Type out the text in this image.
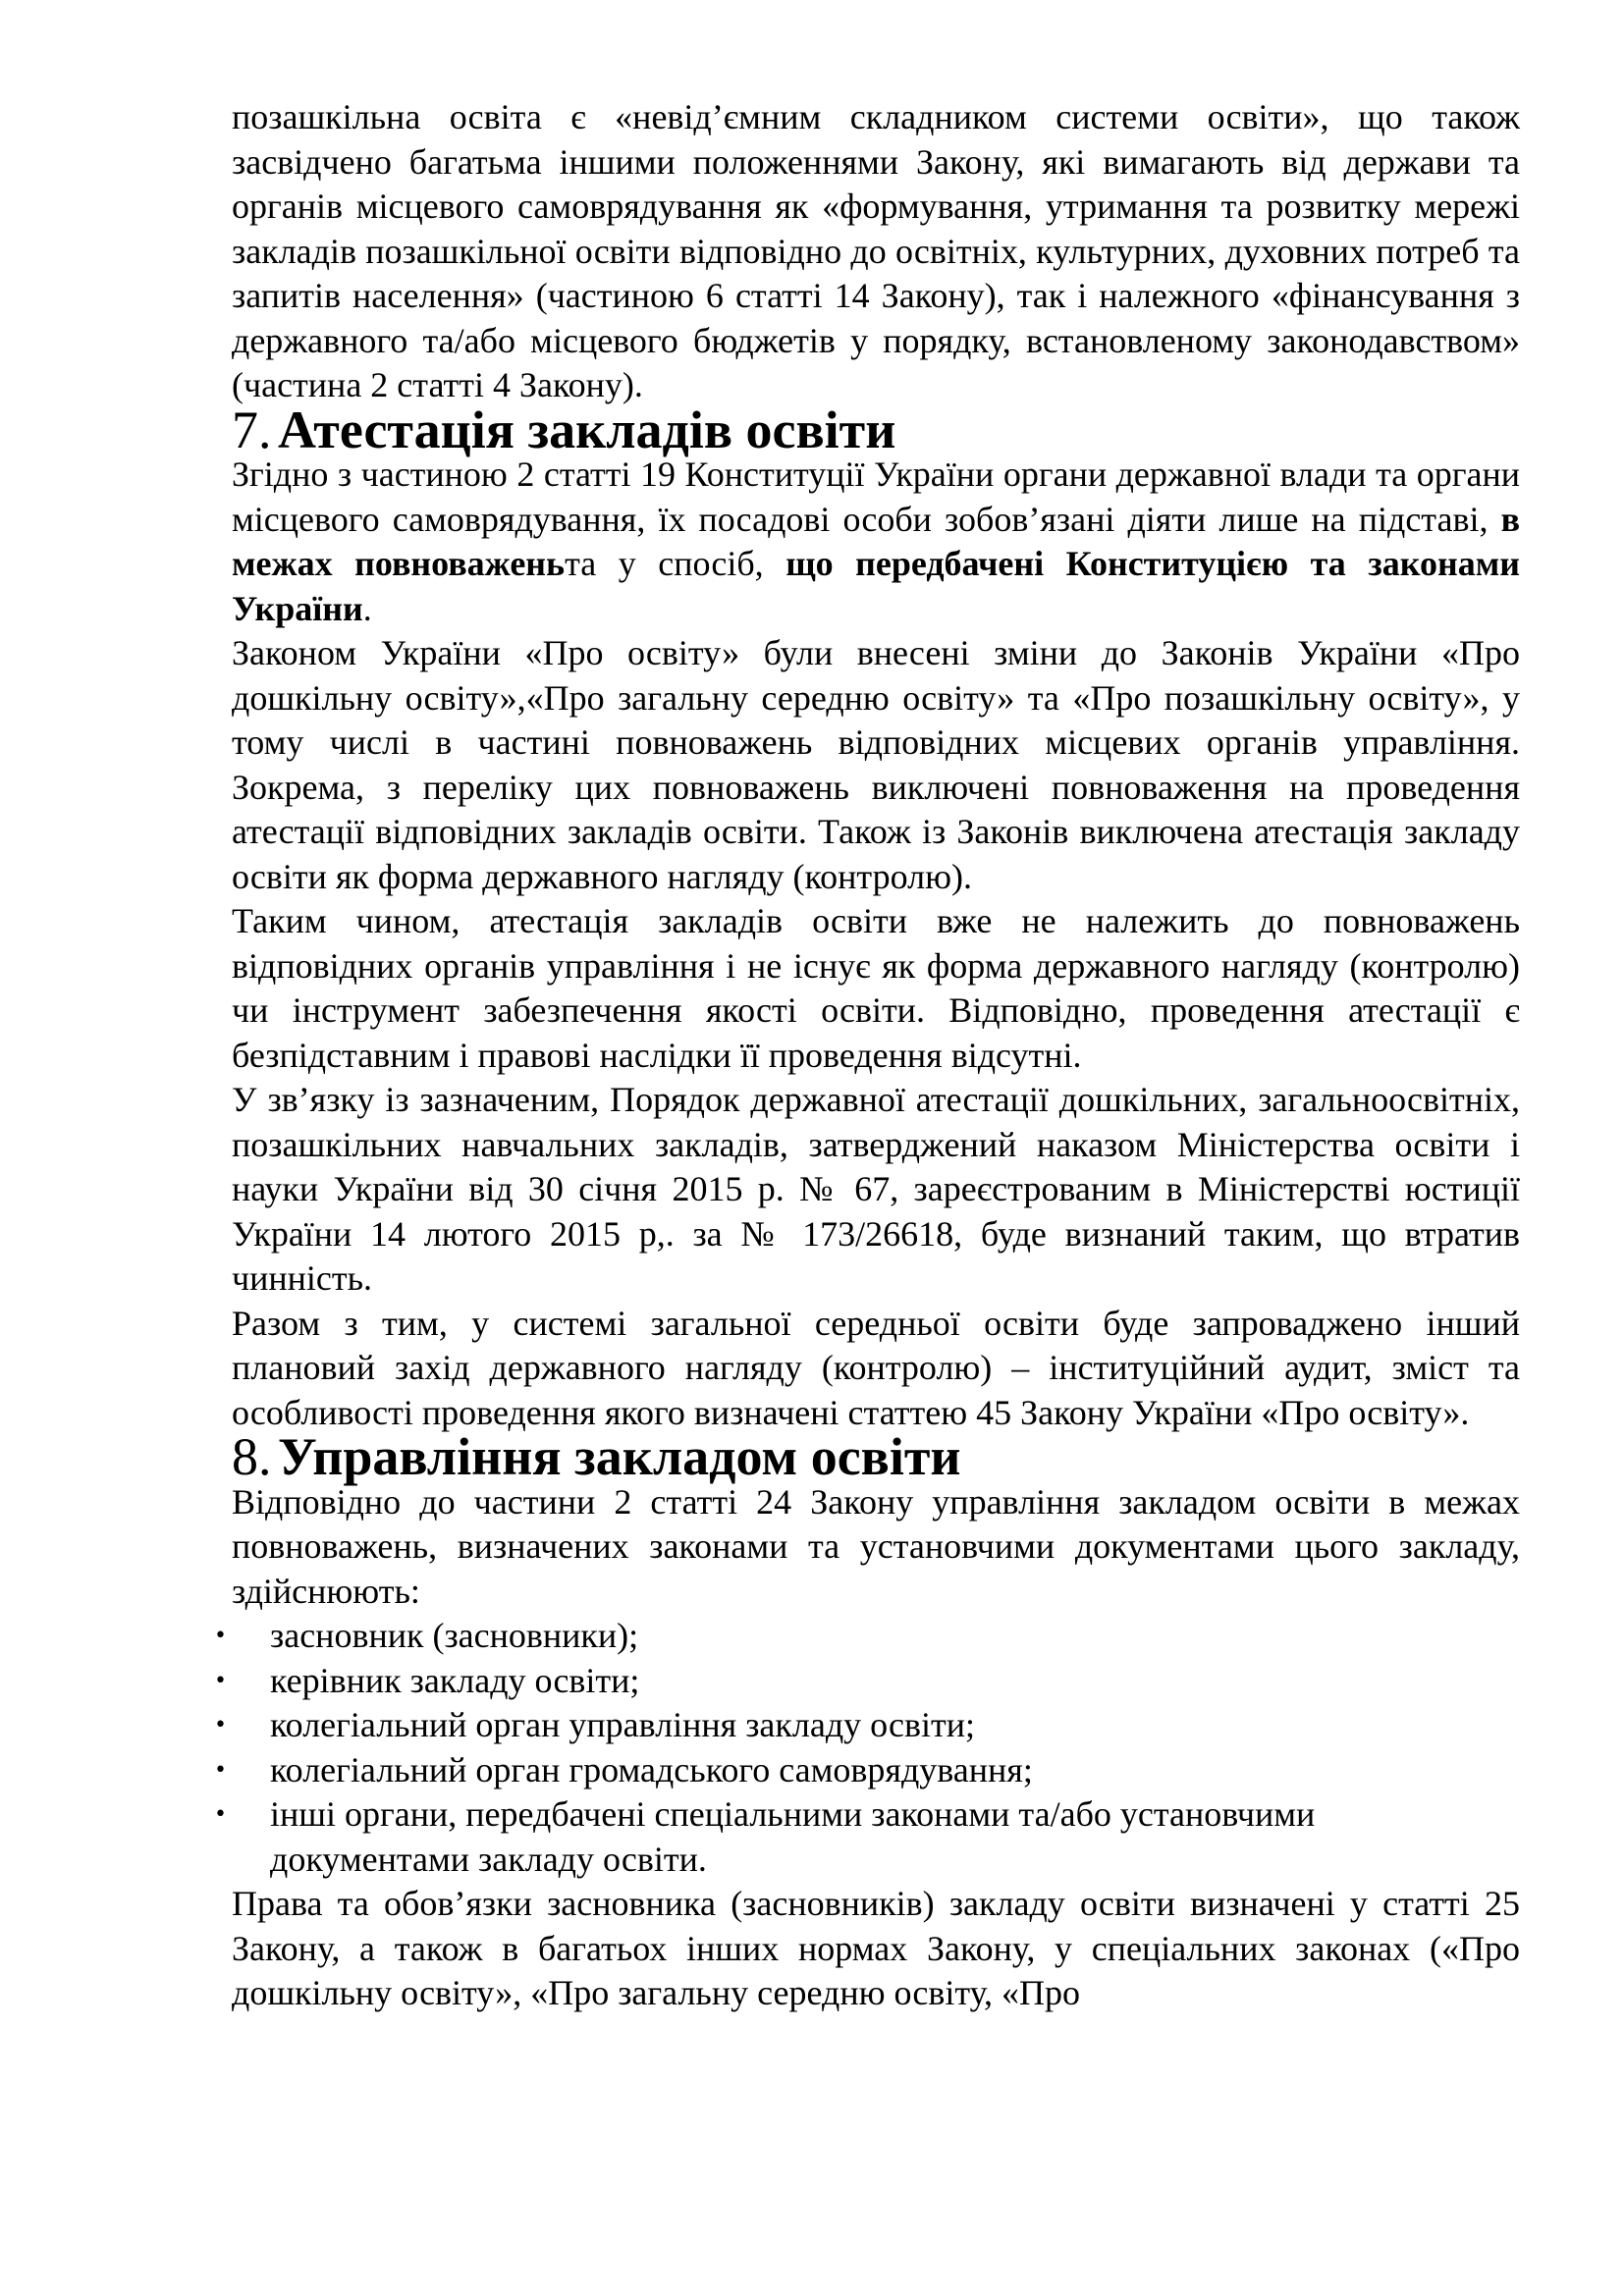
позашкільна освіта є «невід’ємним складником системи освіти», що також засвідчено багатьма іншими положеннями Закону, які вимагають від держави та органів місцевого самоврядування як «формування, утримання та розвитку мережі закладів позашкільної освіти відповідно до освітніх, культурних, духовних потреб та запитів населення» (частиною 6 статті 14 Закону), так і належного «фінансування з державного та/або місцевого бюджетів у порядку, встановленому законодавством» (частина 2 статті 4 Закону).

7. Атестація закладів освіти

Згідно з частиною 2 статті 19 Конституції України органи державної влади та органи місцевого самоврядування, їх посадові особи зобов’язані діяти лише на підставі, в межах повноваженьта у спосіб, що передбачені Конституцією та законами України.

Законом України «Про освіту» були внесені зміни до Законів України «Про дошкільну освіту»,«Про загальну середню освіту» та «Про позашкільну освіту», у тому числі в частині повноважень відповідних місцевих органів управління. Зокрема, з переліку цих повноважень виключені повноваження на проведення атестації відповідних закладів освіти. Також із Законів виключена атестація закладу освіти як форма державного нагляду (контролю).

Таким чином, атестація закладів освіти вже не належить до повноважень відповідних органів управління і не існує як форма державного нагляду (контролю) чи інструмент забезпечення якості освіти. Відповідно, проведення атестації є безпідставним і правові наслідки її проведення відсутні.

У зв’язку із зазначеним, Порядок державної атестації дошкільних, загальноосвітніх, позашкільних навчальних закладів, затверджений наказом Міністерства освіти і науки України від 30 січня 2015 р. № 67, зареєстрованим в Міністерстві юстиції України 14 лютого 2015 р,. за № 173/26618, буде визнаний таким, що втратив чинність.

Разом з тим, у системі загальної середньої освіти буде запроваджено інший плановий захід державного нагляду (контролю) – інституційний аудит, зміст та особливості проведення якого визначені статтею 45 Закону України «Про освіту».

8. Управління закладом освіти

Відповідно до частини 2 статті 24 Закону управління закладом освіти в межах повноважень, визначених законами та установчими документами цього закладу, здійснюють:

• засновник (засновники);
• керівник закладу освіти;
• колегіальний орган управління закладу освіти;
• колегіальний орган громадського самоврядування;
• інші органи, передбачені спеціальними законами та/або установчими документами закладу освіти.

Права та обов’язки засновника (засновників) закладу освіти визначені у статті 25 Закону, а також в багатьох інших нормах Закону, у спеціальних законах («Про дошкільну освіту», «Про загальну середню освіту, «Про
